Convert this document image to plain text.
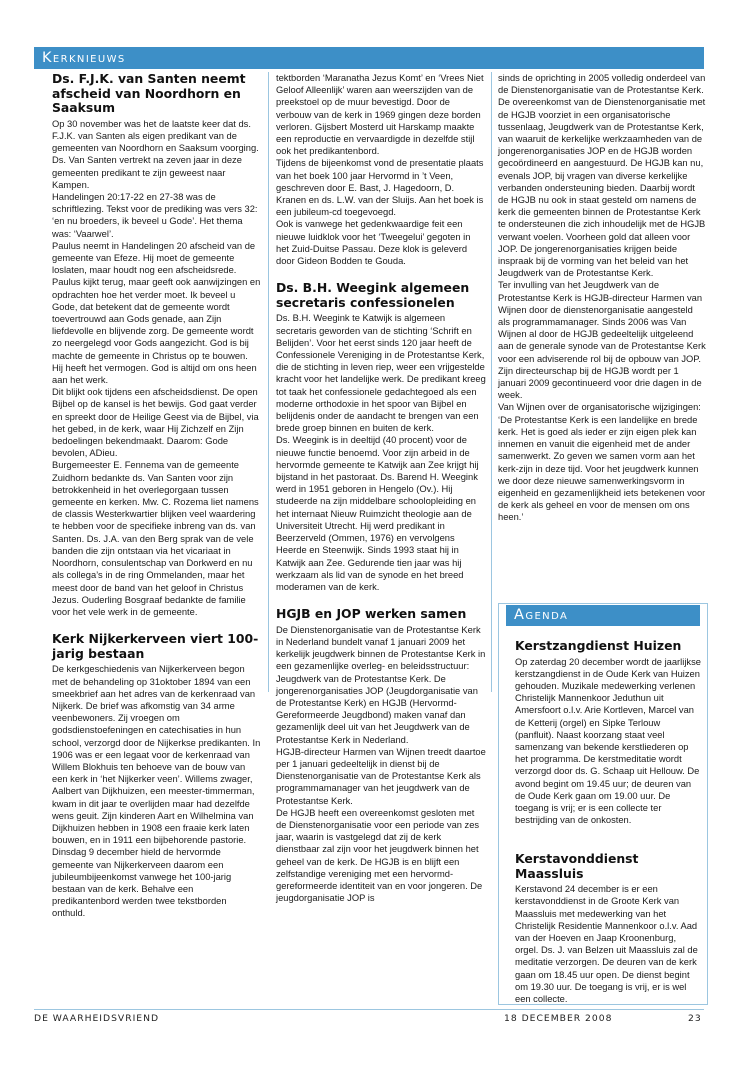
Kerknieuws
Ds. F.J.K. van Santen neemt afscheid van Noordhorn en Saaksum

Op 30 november was het de laatste keer dat ds. F.J.K. van Santen als eigen predikant van de gemeenten van Noordhorn en Saaksum voorging. Ds. Van Santen vertrekt na zeven jaar in deze gemeenten predikant te zijn geweest naar Kampen.
Handelingen 20:17-22 en 27-38 was de schriftlezing. Tekst voor de prediking was vers 32: ‘en nu broeders, ik beveel u Gode’. Het thema was: ‘Vaarwel’.
Paulus neemt in Handelingen 20 afscheid van de gemeente van Efeze. Hij moet de gemeente loslaten, maar houdt nog een afscheidsrede. Paulus kijkt terug, maar geeft ook aanwijzingen en opdrachten hoe het verder moet. Ik beveel u Gode, dat betekent dat de gemeente wordt toevertrouwd aan Gods genade, aan Zijn liefdevolle en blijvende zorg. De gemeente wordt zo neergelegd voor Gods aangezicht. God is bij machte de gemeente in Christus op te bouwen.
Hij heeft het vermogen. God is altijd om ons heen aan het werk.
Dit blijkt ook tijdens een afscheidsdienst. De open Bijbel op de kansel is het bewijs. God gaat verder en spreekt door de Heilige Geest via de Bijbel, via het gebed, in de kerk, waar Hij Zichzelf en Zijn bedoelingen bekendmaakt. Daarom: Gode bevolen, ADieu.
Burgemeester E. Fennema van de gemeente Zuidhorn bedankte ds. Van Santen voor zijn betrokkenheid in het overlegorgaan tussen gemeente en kerken. Mw. C. Rozema liet namens de classis Westerkwartier blijken veel waardering te hebben voor de specifieke inbreng van ds. van Santen. Ds. J.A. van den Berg sprak van de vele banden die zijn ontstaan via het vicariaat in Noordhorn, consulentschap van Dorkwerd en nu als collega’s in de ring Ommelanden, maar het meest door de band van het geloof in Christus Jezus. Ouderling Bosgraaf bedankte de familie voor het vele werk in de gemeente.

Kerk Nijkerkerveen viert 100-jarig bestaan

De kerkgeschiedenis van Nijkerkerveen begon met de behandeling op 31oktober 1894 van een smeekbrief aan het adres van de kerkenraad van Nijkerk. De brief was afkomstig van 34 arme veenbewoners. Zij vroegen om godsdienstoefeningen en catechisaties in hun school, verzorgd door de Nijkerkse predikanten. In 1906 was er een legaat voor de kerkenraad van Willem Blokhuis ten behoeve van de bouw van een kerk in ‘het Nijkerker veen’. Willems zwager, Aalbert van Dijkhuizen, een meester-timmerman, kwam in dit jaar te overlijden maar had dezelfde wens geuit. Zijn kinderen Aart en Wilhelmina van Dijkhuizen hebben in 1908 een fraaie kerk laten bouwen, en in 1911 een bijbehorende pastorie.
Dinsdag 9 december hield de hervormde gemeente van Nijkerkerveen daarom een jubileumbijeenkomst vanwege het 100-jarig bestaan van de kerk. Behalve een predikantenbord werden twee tekstborden onthuld.

tektborden ‘Maranatha Jezus Komt’ en ‘Vrees Niet Geloof Alleenlijk’ waren aan weerszijden van de preekstoel op de muur bevestigd. Door de verbouw van de kerk in 1969 gingen deze borden verloren. Gijsbert Mosterd uit Harskamp maakte een reproductie en vervaardigde in dezelfde stijl ook het predikantenbord.
Tijdens de bijeenkomst vond de presentatie plaats van het boek 100 jaar Hervormd in ’t Veen, geschreven door E. Bast, J. Hagedoorn, D. Kranen en ds. L.W. van der Sluijs. Aan het boek is een jubileum-cd toegevoegd.
Ook is vanwege het gedenkwaardige feit een nieuwe luidklok voor het ‘Tweegelui’ gegoten in het Zuid-Duitse Passau. Deze klok is geleverd door Gideon Bodden te Gouda.

Ds. B.H. Weegink algemeen secretaris confessionelen

Ds. B.H. Weegink te Katwijk is algemeen secretaris geworden van de stichting ‘Schrift en Belijden’. Voor het eerst sinds 120 jaar heeft de Confessionele Vereniging in de Protestantse Kerk, die de stichting in leven riep, weer een vrijgestelde kracht voor het landelijke werk. De predikant kreeg tot taak het confessionele gedachtegoed als een moderne orthodoxie in het spoor van Bijbel en belijdenis onder de aandacht te brengen van een brede groep binnen en buiten de kerk.
Ds. Weegink is in deeltijd (40 procent) voor de nieuwe functie benoemd. Voor zijn arbeid in de hervormde gemeente te Katwijk aan Zee krijgt hij bijstand in het pastoraat. Ds. Barend H. Weegink werd in 1951 geboren in Hengelo (Ov.). Hij studeerde na zijn middelbare schoolopleiding en het internaat Nieuw Ruimzicht theologie aan de Universiteit Utrecht. Hij werd predikant in Beerzerveld (Ommen, 1976) en vervolgens Heerde en Steenwijk. Sinds 1993 staat hij in Katwijk aan Zee. Gedurende tien jaar was hij werkzaam als lid van de synode en het breed moderamen van de kerk.

HGJB en JOP werken samen

De Dienstenorganisatie van de Protestantse Kerk in Nederland bundelt vanaf 1 januari 2009 het kerkelijk jeugdwerk binnen de Protestantse Kerk in een gezamenlijke overleg- en beleidsstructuur: Jeugdwerk van de Protestantse Kerk. De jongerenorganisaties JOP (Jeugdorganisatie van de Protestantse Kerk) en HGJB (Hervormd-Gereformeerde Jeugdbond) maken vanaf dan gezamenlijk deel uit van het Jeugdwerk van de Protestantse Kerk in Nederland.
HGJB-directeur Harmen van Wijnen treedt daartoe per 1 januari gedeeltelijk in dienst bij de Dienstenorganisatie van de Protestantse Kerk als programmamanager van het jeugdwerk van de Protestantse Kerk.
De HGJB heeft een overeenkomst gesloten met de Dienstenorganisatie voor een periode van zes jaar, waarin is vastgelegd dat zij de kerk dienstbaar zal zijn voor het jeugdwerk binnen het geheel van de kerk. De HGJB is en blijft een zelfstandige vereniging met een hervormd-gereformeerde identiteit van en voor jongeren. De jeugdorganisatie JOP is

sinds de oprichting in 2005 volledig onderdeel van de Dienstenorganisatie van de Protestantse Kerk.
De overeenkomst van de Dienstenorganisatie met de HGJB voorziet in een organisatorische tussenlaag, Jeugdwerk van de Protestantse Kerk, van waaruit de kerkelijke werkzaamheden van de jongerenorganisaties JOP en de HGJB worden gecoördineerd en aangestuurd. De HGJB kan nu, evenals JOP, bij vragen van diverse kerkelijke verbanden ondersteuning bieden. Daarbij wordt de HGJB nu ook in staat gesteld om namens de kerk die gemeenten binnen de Protestantse Kerk te ondersteunen die zich inhoudelijk met de HGJB verwant voelen. Voorheen gold dat alleen voor JOP. De jongerenorganisaties krijgen beide inspraak bij de vorming van het beleid van het Jeugdwerk van de Protestantse Kerk.
Ter invulling van het Jeugdwerk van de Protestantse Kerk is HGJB-directeur Harmen van Wijnen door de dienstenorganisatie aangesteld als programmamanager. Sinds 2006 was Van Wijnen al door de HGJB gedeeltelijk uitgeleend aan de generale synode van de Protestantse Kerk voor een adviserende rol bij de opbouw van JOP. Zijn directeurschap bij de HGJB wordt per 1 januari 2009 gecontinueerd voor drie dagen in de week.
Van Wijnen over de organisatorische wijzigingen: ‘De Protestantse Kerk is een landelijke en brede kerk. Het is goed als ieder er zijn eigen plek kan innemen en vanuit die eigenheid met de ander samenwerkt. Zo geven we samen vorm aan het kerk-zijn in deze tijd. Voor het jeugdwerk kunnen we door deze nieuwe samenwerkingsvorm in eigenheid en gezamenlijkheid iets betekenen voor de kerk als geheel en voor de mensen om ons heen.’

Agenda
Kerstzangdienst Huizen

Op zaterdag 20 december wordt de jaarlijkse kerstzangdienst in de Oude Kerk van Huizen gehouden. Muzikale medewerking verlenen Christelijk Mannenkoor Jeduthun uit Amersfoort o.l.v. Arie Kortleven, Marcel van de Ketterij (orgel) en Sipke Terlouw (panfluit). Naast koorzang staat veel samenzang van bekende kerstliederen op het programma. De kerstmeditatie wordt verzorgd door ds. G. Schaap uit Hellouw. De avond begint om 19.45 uur; de deuren van de Oude Kerk gaan om 19.00 uur. De toegang is vrij; er is een collecte ter bestrijding van de onkosten.

Kerstavonddienst Maassluis

Kerstavond 24 december is er een kerstavonddienst in de Groote Kerk van Maassluis met medewerking van het Christelijk Residentie Mannenkoor o.l.v. Aad van der Hoeven en Jaap Kroonenburg, orgel. Ds. J. van Belzen uit Maassluis zal de meditatie verzorgen. De deuren van de kerk gaan om 18.45 uur open. De dienst begint om 19.30 uur. De toegang is vrij, er is wel een collecte.

DE WAARHEIDSVRIEND	18 DECEMBER 2008	23
